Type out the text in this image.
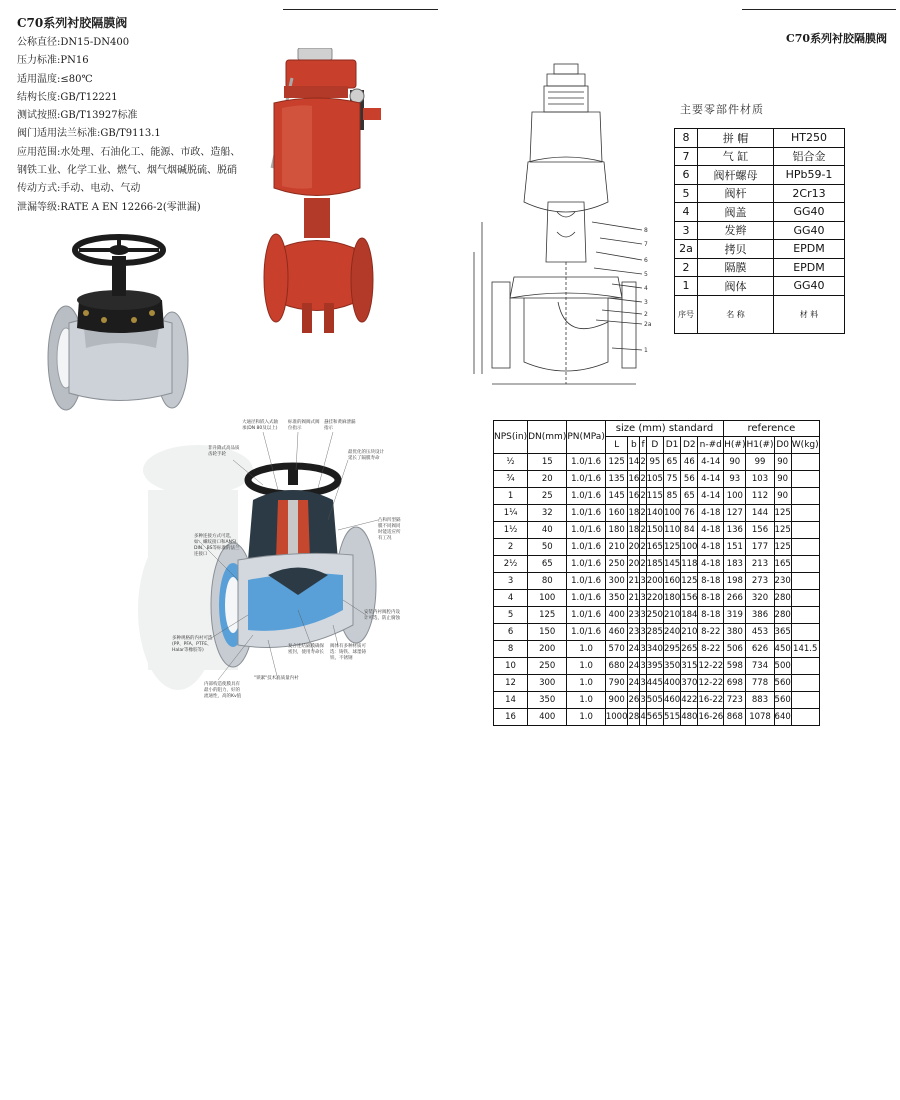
C70系列衬胶隔膜阀
C70系列衬胶隔膜阀
公称直径:DN15-DN400
压力标准:PN16
适用温度:≤80℃
结构长度:GB/T12221
测试按照:GB/T13927标准
阀门适用法兰标准:GB/T9113.1
应用范围:水处理、石油化工、能源、市政、造船、
钢铁工业、化学工业、燃气、烟气烟碱脱硫、脱硝
传动方式:手动、电动、气动
泄漏等级:RATE A EN 12266-2(零泄漏)
大通径和嵌入式轴承(DN 80及以上)
标准的阀阀式阀位指示
悬挂和黄麻泄漏指示
最优化的压块设计延长了隔膜寿命
非升降式高品质齿轮手轮
凸和凹型隔膜不同阀同时能适应所有工况
多种连接方式可选，如：螺纹接口和ANSI、DIN、BS等标准的法兰连接口
多种规格的内衬可选(PP、PFA、PTFE、Halar等橡胶等)
复合连结隔膜确保密封，使用寿命长
安装内衬阀腔内设计可选，防止腐蚀
阀体有多种材质可选：铸铁、球墨铸铁、不锈钢
"锁紧"技术高质量内衬
内部构造使膜具有最小的阻力，好的流通性，高的Kv值
8
7
6
5
4
3
2
2a
1
主要零部件材质
8	拼 帽	HT250
7	气 缸	铝合金
6	阀杆螺母	HPb59-1
5	阀杆	2Cr13
4	阀盖	GG40
3	发辫	GG40
2a	拷贝	EPDM
2	隔膜	EPDM
1	阀体	GG40
序号	名 称	材 料
NPS(in)	DN(mm)	PN(MPa)	size (mm) standard							reference			
			L	b	f	D	D1	D2	n-#d	H(#)	H1(#)	D0	W(kg)
½	15	1.0/1.6	125	14	2	95	65	46	4-14	90	99	90	
¾	20	1.0/1.6	135	16	2	105	75	56	4-14	93	103	90	
1	25	1.0/1.6	145	16	2	115	85	65	4-14	100	112	90	
1¼	32	1.0/1.6	160	18	2	140	100	76	4-18	127	144	125	
1½	40	1.0/1.6	180	18	2	150	110	84	4-18	136	156	125	
2	50	1.0/1.6	210	20	2	165	125	100	4-18	151	177	125	
2½	65	1.0/1.6	250	20	2	185	145	118	4-18	183	213	165	
3	80	1.0/1.6	300	21	3	200	160	125	8-18	198	273	230	
4	100	1.0/1.6	350	21	3	220	180	156	8-18	266	320	280	
5	125	1.0/1.6	400	23	3	250	210	184	8-18	319	386	280	
6	150	1.0/1.6	460	23	3	285	240	210	8-22	380	453	365	
8	200	1.0	570	24	3	340	295	265	8-22	506	626	450	141.5
10	250	1.0	680	24	3	395	350	315	12-22	598	734	500	
12	300	1.0	790	24	3	445	400	370	12-22	698	778	560	
14	350	1.0	900	26	3	505	460	422	16-22	723	883	560	
16	400	1.0	1000	28	4	565	515	480	16-26	868	1078	640	
